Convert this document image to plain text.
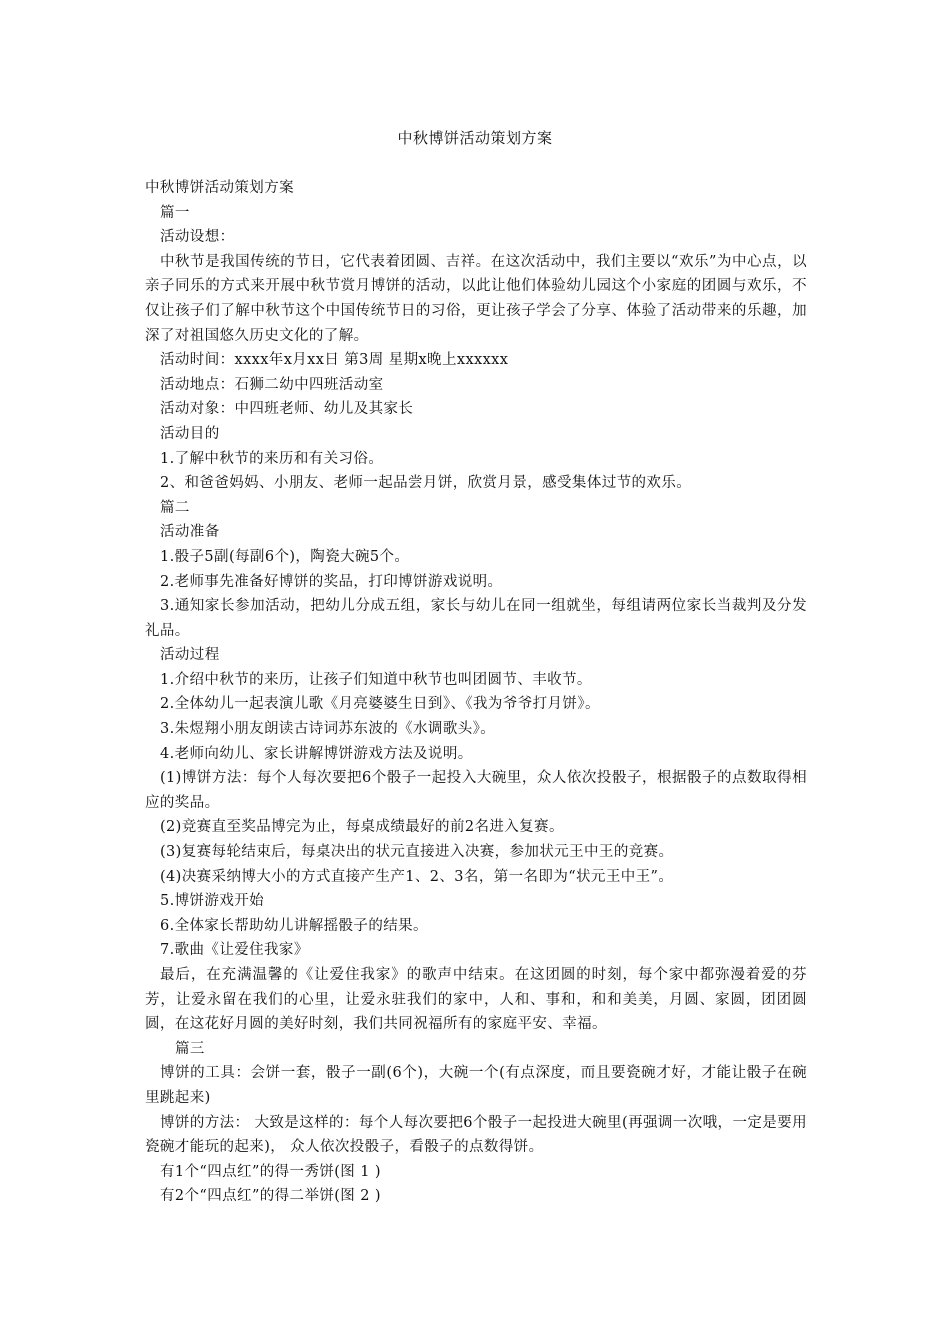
中秋博饼活动策划方案

中秋博饼活动策划方案

篇一

活动设想：

中秋节是我国传统的节日，它代表着团圆、吉祥。在这次活动中，我们主要以“欢乐”为中心点，以亲子同乐的方式来开展中秋节赏月博饼的活动，以此让他们体验幼儿园这个小家庭的团圆与欢乐，不仅让孩子们了解中秋节这个中国传统节日的习俗，更让孩子学会了分享、体验了活动带来的乐趣，加深了对祖国悠久历史文化的了解。

活动时间：xxxx年x月xx日 第3周 星期x晚上xxxxxx

活动地点：石狮二幼中四班活动室

活动对象：中四班老师、幼儿及其家长

活动目的

1.了解中秋节的来历和有关习俗。

2、和爸爸妈妈、小朋友、老师一起品尝月饼，欣赏月景，感受集体过节的欢乐。

篇二

活动准备

1.骰子5副(每副6个)，陶瓷大碗5个。

2.老师事先准备好博饼的奖品，打印博饼游戏说明。

3.通知家长参加活动，把幼儿分成五组，家长与幼儿在同一组就坐，每组请两位家长当裁判及分发礼品。

活动过程

1.介绍中秋节的来历，让孩子们知道中秋节也叫团圆节、丰收节。

2.全体幼儿一起表演儿歌《月亮婆婆生日到》、《我为爷爷打月饼》。

3.朱煜翔小朋友朗读古诗词苏东波的《水调歌头》。

4.老师向幼儿、家长讲解博饼游戏方法及说明。

(1)博饼方法：每个人每次要把6个骰子一起投入大碗里，众人依次投骰子，根据骰子的点数取得相应的奖品。

(2)竞赛直至奖品博完为止，每桌成绩最好的前2名进入复赛。

(3)复赛每轮结束后，每桌决出的状元直接进入决赛，参加状元王中王的竞赛。

(4)决赛采纳博大小的方式直接产生产1、2、3名，第一名即为“状元王中王”。

5.博饼游戏开始

6.全体家长帮助幼儿讲解摇骰子的结果。

7.歌曲《让爱住我家》

最后，在充满温馨的《让爱住我家》的歌声中结束。在这团圆的时刻，每个家中都弥漫着爱的芬芳，让爱永留在我们的心里，让爱永驻我们的家中，人和、事和，和和美美，月圆、家圆，团团圆圆，在这花好月圆的美好时刻，我们共同祝福所有的家庭平安、幸福。

篇三

博饼的工具：会饼一套，骰子一副(6个)，大碗一个(有点深度，而且要瓷碗才好，才能让骰子在碗里跳起来)

博饼的方法： 大致是这样的：每个人每次要把6个骰子一起投进大碗里(再强调一次哦，一定是要用瓷碗才能玩的起来)， 众人依次投骰子，看骰子的点数得饼。

有1个“四点红”的得一秀饼(图 1 )

有2个“四点红”的得二举饼(图 2 )
